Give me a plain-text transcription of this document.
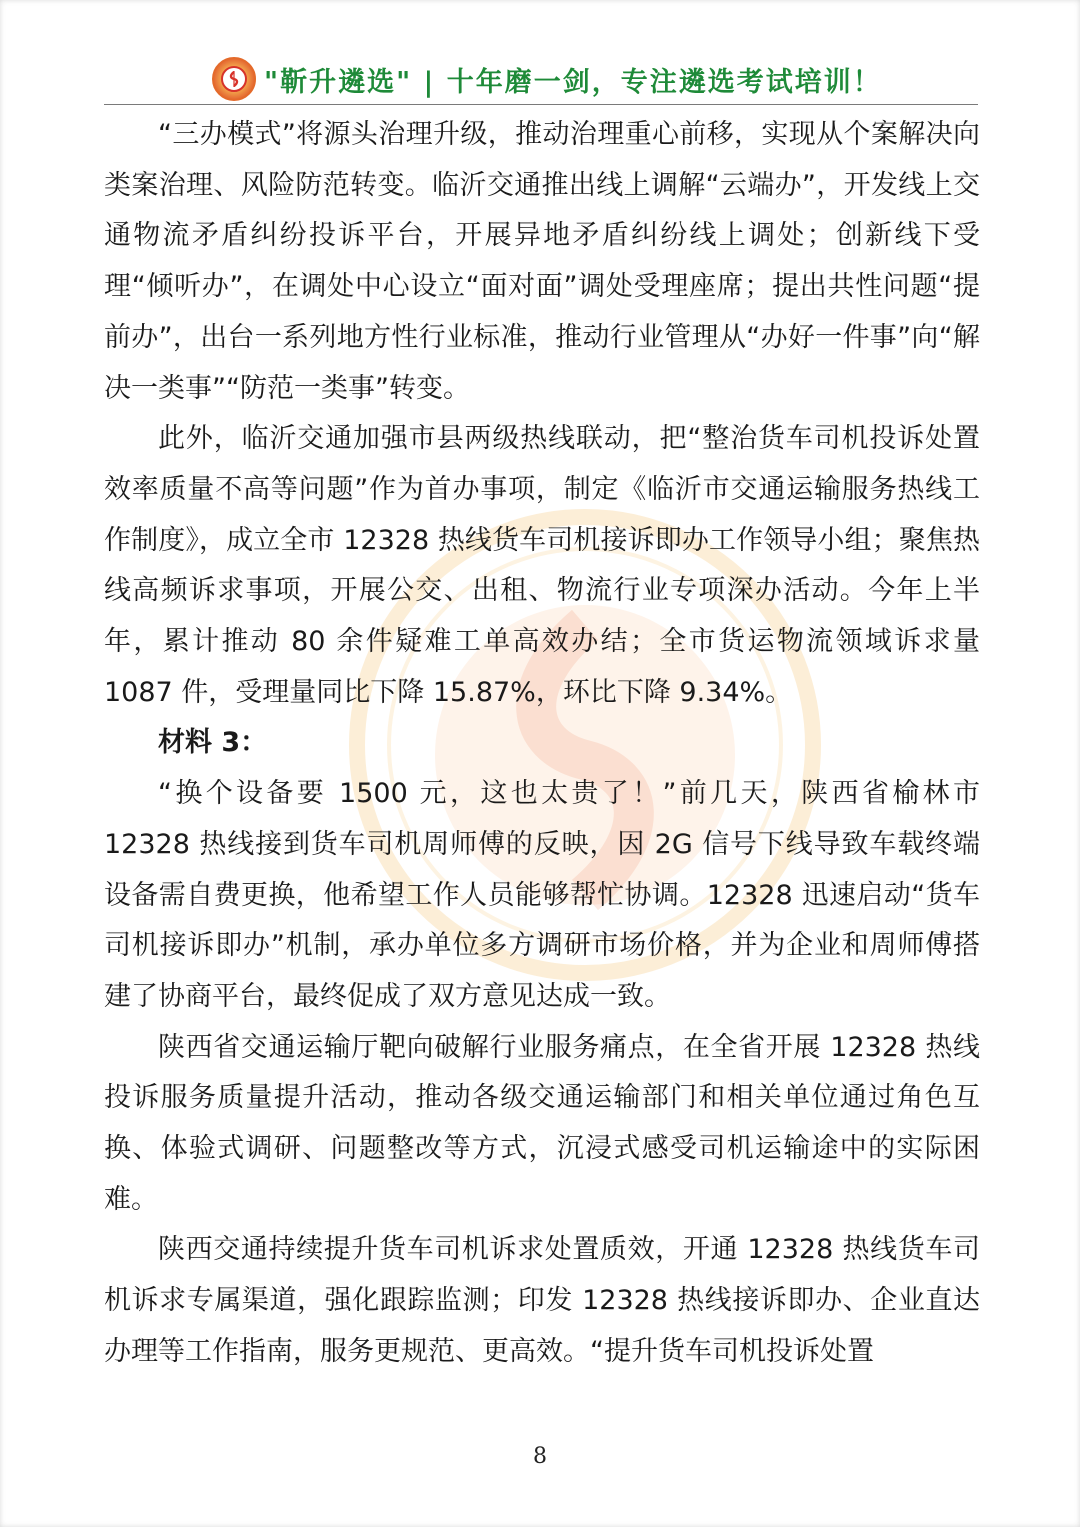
"靳升遴选" | 十年磨一剑，专注遴选考试培训！

“三办模式”将源头治理升级，推动治理重心前移，实现从个案解决向类案治理、风险防范转变。临沂交通推出线上调解“云端办”，开发线上交通物流矛盾纠纷投诉平台，开展异地矛盾纠纷线上调处；创新线下受理“倾听办”，在调处中心设立“面对面”调处受理座席；提出共性问题“提前办”，出台一系列地方性行业标准，推动行业管理从“办好一件事”向“解决一类事”“防范一类事”转变。

此外，临沂交通加强市县两级热线联动，把“整治货车司机投诉处置效率质量不高等问题”作为首办事项，制定《临沂市交通运输服务热线工作制度》，成立全市 12328 热线货车司机接诉即办工作领导小组；聚焦热线高频诉求事项，开展公交、出租、物流行业专项深办活动。今年上半年，累计推动 80 余件疑难工单高效办结；全市货运物流领域诉求量 1087 件，受理量同比下降 15.87%，环比下降 9.34%。

材料 3：

“换个设备要 1500 元，这也太贵了！”前几天，陕西省榆林市 12328 热线接到货车司机周师傅的反映，因 2G 信号下线导致车载终端设备需自费更换，他希望工作人员能够帮忙协调。12328 迅速启动“货车司机接诉即办”机制，承办单位多方调研市场价格，并为企业和周师傅搭建了协商平台，最终促成了双方意见达成一致。

陕西省交通运输厅靶向破解行业服务痛点，在全省开展 12328 热线投诉服务质量提升活动，推动各级交通运输部门和相关单位通过角色互换、体验式调研、问题整改等方式，沉浸式感受司机运输途中的实际困难。

陕西交通持续提升货车司机诉求处置质效，开通 12328 热线货车司机诉求专属渠道，强化跟踪监测；印发 12328 热线接诉即办、企业直达办理等工作指南，服务更规范、更高效。“提升货车司机投诉处置

8
